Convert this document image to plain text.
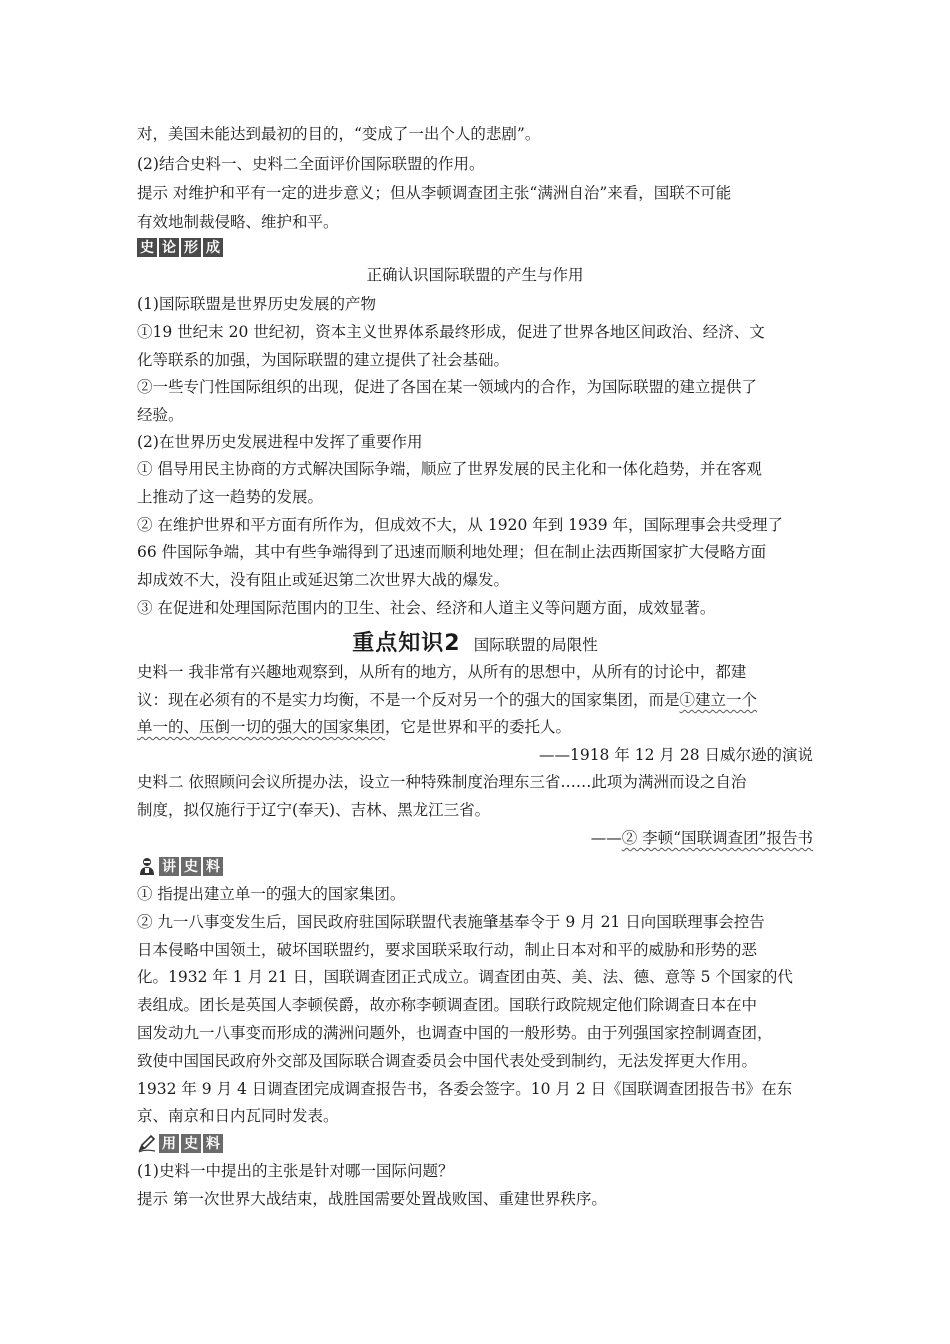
对，美国未能达到最初的目的，“变成了一出个人的悲剧”。
(2)结合史料一、史料二全面评价国际联盟的作用。
提示 对维护和平有一定的进步意义；但从李顿调查团主张“满洲自治”来看，国联不可能
有效地制裁侵略、维护和平。
史 论 形 成
正确认识国际联盟的产生与作用
(1)国际联盟是世界历史发展的产物
①19 世纪末 20 世纪初，资本主义世界体系最终形成，促进了世界各地区间政治、经济、文
化等联系的加强，为国际联盟的建立提供了社会基础。
②一些专门性国际组织的出现，促进了各国在某一领域内的合作，为国际联盟的建立提供了
经验。
(2)在世界历史发展进程中发挥了重要作用
① 倡导用民主协商的方式解决国际争端，顺应了世界发展的民主化和一体化趋势，并在客观
上推动了这一趋势的发展。
② 在维护世界和平方面有所作为，但成效不大，从 1920 年到 1939 年，国际理事会共受理了
66 件国际争端，其中有些争端得到了迅速而顺利地处理；但在制止法西斯国家扩大侵略方面
却成效不大，没有阻止或延迟第二次世界大战的爆发。
③ 在促进和处理国际范围内的卫生、社会、经济和人道主义等问题方面，成效显著。
重点知识2 国际联盟的局限性
史料一 我非常有兴趣地观察到，从所有的地方，从所有的思想中，从所有的讨论中，都建
议：现在必须有的不是实力均衡，不是一个反对另一个的强大的国家集团，而是①建立一个
单一的、压倒一切的强大的国家集团，它是世界和平的委托人。
——1918 年 12 月 28 日威尔逊的演说
史料二 依照顾问会议所提办法，设立一种特殊制度治理东三省……此项为满洲而设之自治
制度，拟仅施行于辽宁(奉天)、吉林、黑龙江三省。
——② 李顿“国联调查团”报告书
讲 史 料
① 指提出建立单一的强大的国家集团。
② 九一八事变发生后，国民政府驻国际联盟代表施肇基奉令于 9 月 21 日向国联理事会控告
日本侵略中国领土，破坏国联盟约，要求国联采取行动，制止日本对和平的威胁和形势的恶
化。1932 年 1 月 21 日，国联调查团正式成立。调查团由英、美、法、德、意等 5 个国家的代
表组成。团长是英国人李顿侯爵，故亦称李顿调查团。国联行政院规定他们除调查日本在中
国发动九一八事变而形成的满洲问题外，也调查中国的一般形势。由于列强国家控制调查团，
致使中国国民政府外交部及国际联合调查委员会中国代表处受到制约，无法发挥更大作用。
1932 年 9 月 4 日调查团完成调查报告书，各委会签字。10 月 2 日《国联调查团报告书》在东
京、南京和日内瓦同时发表。
用 史 料
(1)史料一中提出的主张是针对哪一国际问题？
提示 第一次世界大战结束，战胜国需要处置战败国、重建世界秩序。
